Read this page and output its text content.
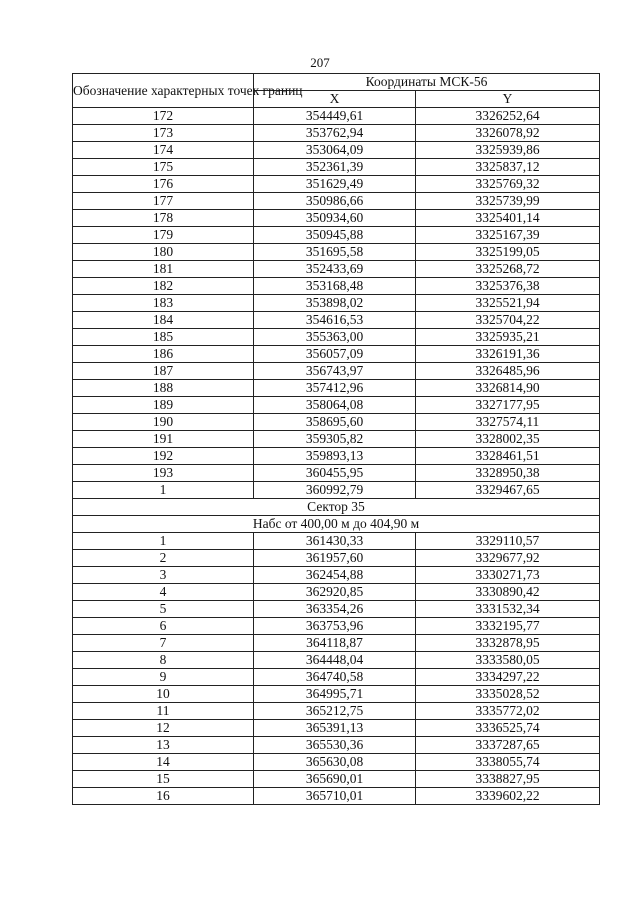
207
Обозначение характерных точек границ	Координаты МСК-56	
	X	Y
172	354449,61	3326252,64
173	353762,94	3326078,92
174	353064,09	3325939,86
175	352361,39	3325837,12
176	351629,49	3325769,32
177	350986,66	3325739,99
178	350934,60	3325401,14
179	350945,88	3325167,39
180	351695,58	3325199,05
181	352433,69	3325268,72
182	353168,48	3325376,38
183	353898,02	3325521,94
184	354616,53	3325704,22
185	355363,00	3325935,21
186	356057,09	3326191,36
187	356743,97	3326485,96
188	357412,96	3326814,90
189	358064,08	3327177,95
190	358695,60	3327574,11
191	359305,82	3328002,35
192	359893,13	3328461,51
193	360455,95	3328950,38
1	360992,79	3329467,65
Сектор 35		
Набс от 400,00 м до 404,90 м		
1	361430,33	3329110,57
2	361957,60	3329677,92
3	362454,88	3330271,73
4	362920,85	3330890,42
5	363354,26	3331532,34
6	363753,96	3332195,77
7	364118,87	3332878,95
8	364448,04	3333580,05
9	364740,58	3334297,22
10	364995,71	3335028,52
11	365212,75	3335772,02
12	365391,13	3336525,74
13	365530,36	3337287,65
14	365630,08	3338055,74
15	365690,01	3338827,95
16	365710,01	3339602,22
